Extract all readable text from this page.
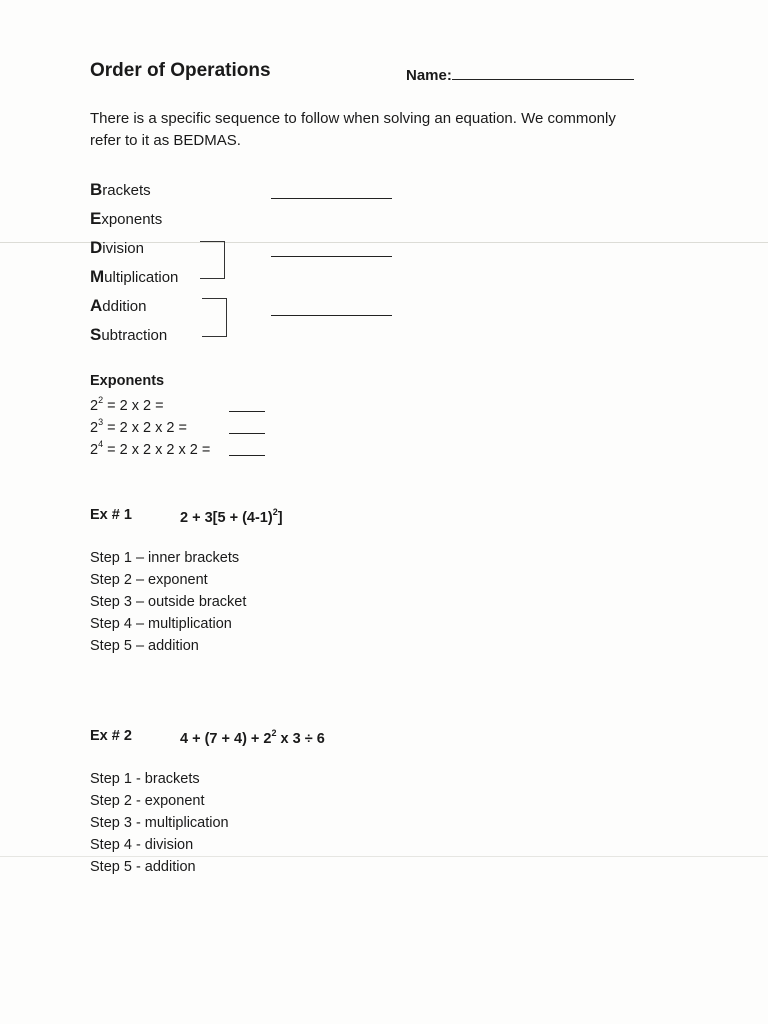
Order of Operations	Name:
There is a specific sequence to follow when solving an equation. We commonly
refer to it as BEDMAS.
Brackets
Exponents
Division
Multiplication
Addition
Subtraction
Exponents
$2^2 = 2$ x 2 =
$2^3 = 2$ x 2 x 2 =
$2^4 = 2$ x 2 x 2 x 2 =
Ex # 1	$2 + 3[5 + (4-1)^2]$
Step 1 – inner brackets
Step 2 – exponent
Step 3 – outside bracket
Step 4 – multiplication
Step 5 – addition
Ex # 2	$4 + (7 + 4) + 2^2$ x 3 ÷ 6
Step 1 - brackets
Step 2 - exponent
Step 3 - multiplication
Step 4 - division
Step 5 - addition
